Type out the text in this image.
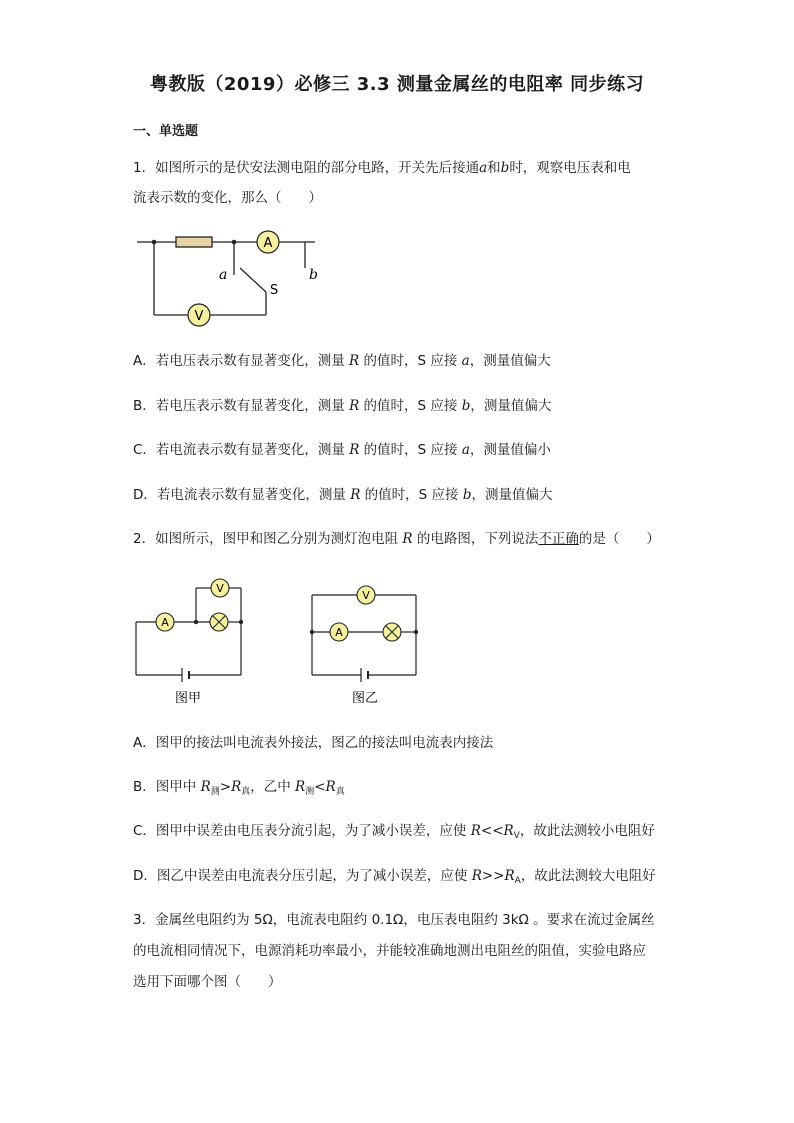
粤教版（2019）必修三 3.3 测量金属丝的电阻率 同步练习
一、单选题
1．如图所示的是伏安法测电阻的部分电路，开关先后接通a和b时，观察电压表和电
流表示数的变化，那么（　　）
A
V
a	b
S
A．若电压表示数有显著变化，测量 R 的值时，S 应接 a，测量值偏大
B．若电压表示数有显著变化，测量 R 的值时，S 应接 b，测量值偏大
C．若电流表示数有显著变化，测量 R 的值时，S 应接 a，测量值偏小
D．若电流表示数有显著变化，测量 R 的值时，S 应接 b，测量值偏大
2．如图所示，图甲和图乙分别为测灯泡电阻 R 的电路图，下列说法不正确的是（　　）
A
V
图甲
V
A
图乙
A．图甲的接法叫电流表外接法，图乙的接法叫电流表内接法
B．图甲中 $R_测>R_真$，乙中 $R_测<R_真$
C．图甲中误差由电压表分流引起，为了减小误差，应使 $R<<R_V$，故此法测较小电阻好
D．图乙中误差由电流表分压引起，为了减小误差，应使 $R>>R_A$，故此法测较大电阻好
3．金属丝电阻约为 5Ω，电流表电阻约 0.1Ω，电压表电阻约 3kΩ 。要求在流过金属丝
的电流相同情况下，电源消耗功率最小，并能较准确地测出电阻丝的阻值，实验电路应
选用下面哪个图（　　）
